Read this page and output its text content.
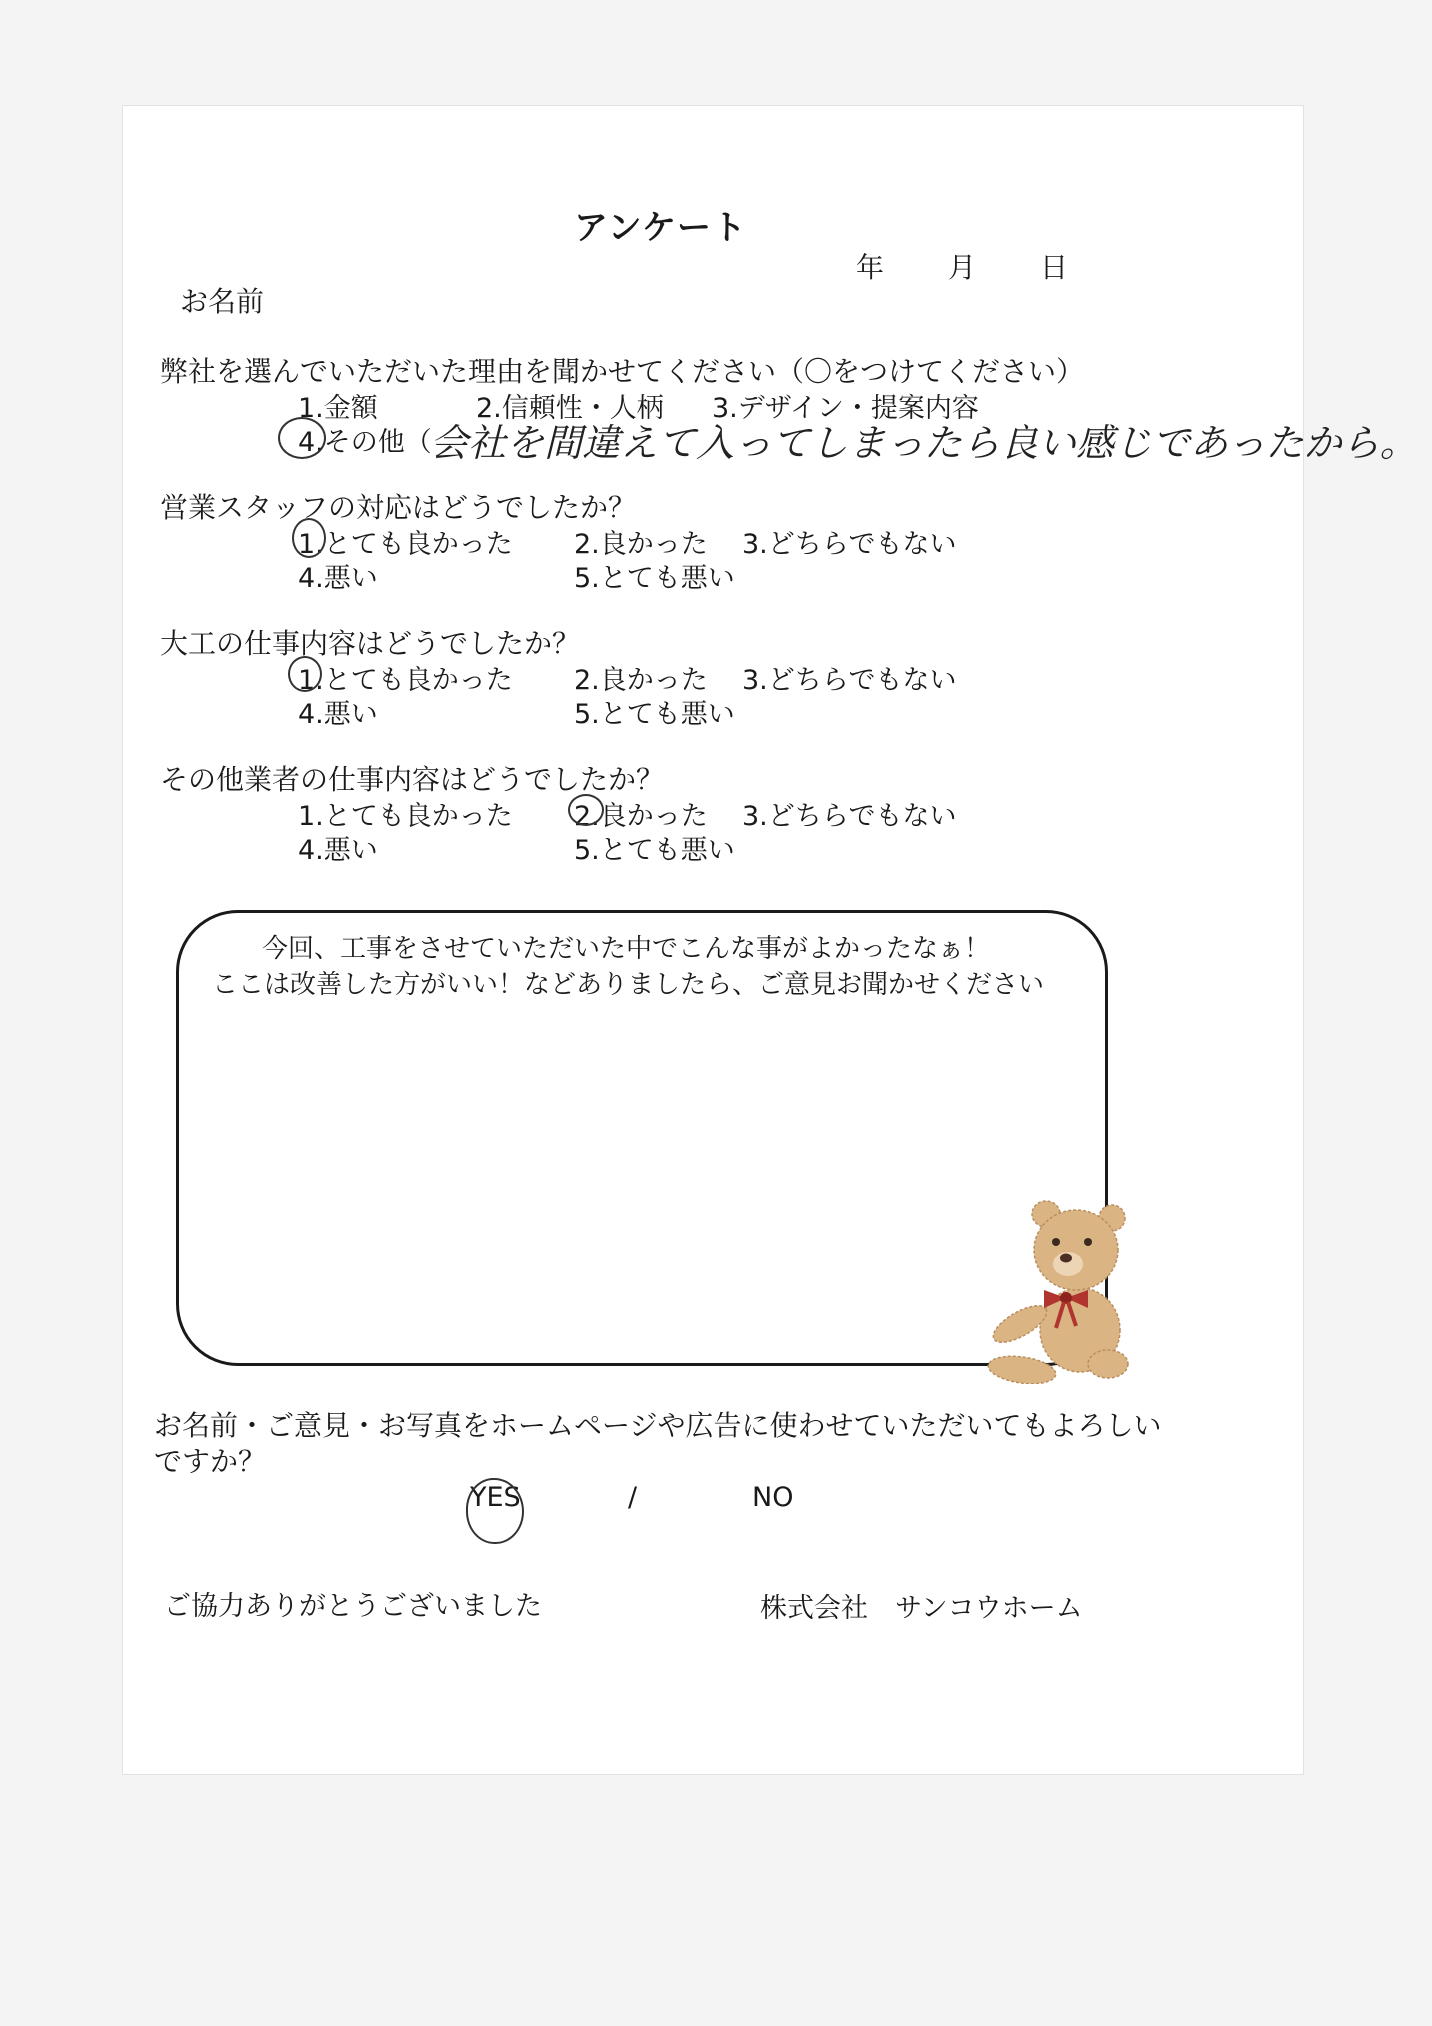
アンケート
年 月 日
お名前
弊社を選んでいただいた理由を聞かせてください（〇をつけてください）
1.金額	2.信頼性・人柄 3.デザイン・提案内容
4.その他（
会社を間違えて入ってしまったら良い感じであったから。
営業スタッフの対応はどうでしたか？
1.とても良かった 2.良かった 3.どちらでもない
4.悪い	5.とても悪い
大工の仕事内容はどうでしたか？
1.とても良かった 2.良かった 3.どちらでもない
4.悪い	5.とても悪い
その他業者の仕事内容はどうでしたか？
1.とても良かった 2.良かった 3.どちらでもない
4.悪い	5.とても悪い
今回、工事をさせていただいた中でこんな事がよかったなぁ！
ここは改善した方がいい！などありましたら、ご意見お聞かせください
お名前・ご意見・お写真をホームページや広告に使わせていただいてもよろしい
ですか？
YES	/	NO
ご協力ありがとうございました	株式会社　サンコウホーム
